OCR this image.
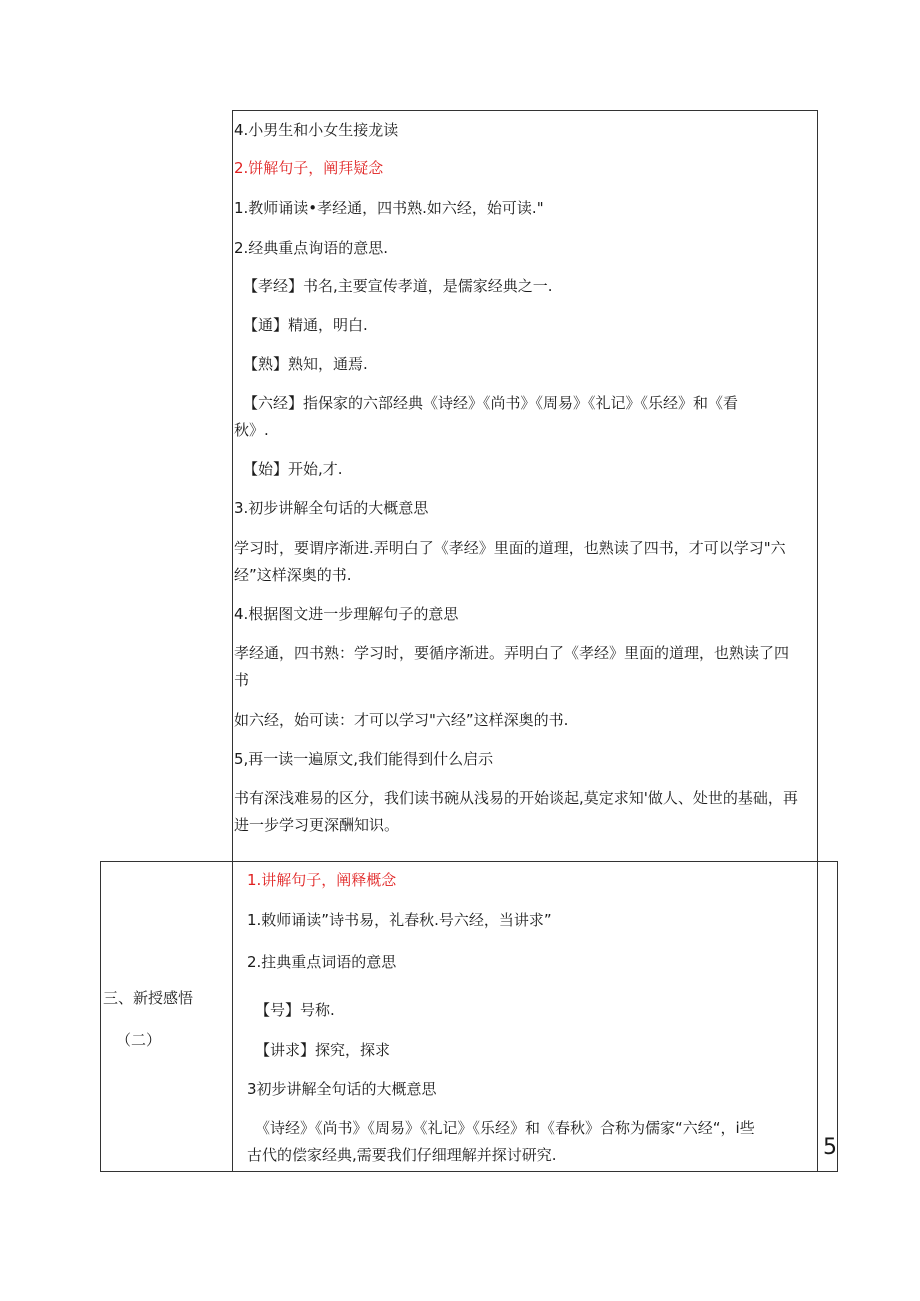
4.小男生和小女生接龙读
2.饼解句子，阐拜疑念
1.教师诵读•孝经通，四书熟.如六经，始可读."
2.经典重点询语的意思.
【孝经】书名,主要宣传孝道，是儒家经典之一.
【通】精通，明白.
【熟】熟知，通焉.
【六经】指保家的六部经典《诗经》《尚书》《周易》《礼记》《乐经》和《看
秋》.
【始】开始,才.
3.初步讲解全句话的大概意思
学习时，要谓序渐进.弄明白了《孝经》里面的道理，也熟读了四书，才可以学习"六
经”这样深奥的书.
4.根据图文进一步理解句子的意思
孝经通，四书熟：学习时，要循序渐进。弄明白了《孝经》里面的道理，也熟读了四
书
如六经，始可读：才可以学习"六经”这样深奥的书.
5,再一读一遍原文,我们能得到什么启示
书有深浅难易的区分，我们读书碗从浅易的开始谈起,莫定求知'做人、处世的基础，再
进一步学习更深酬知识。
三、新授感悟
（二）
1.讲解句子，阐释概念
1.敕师诵读”诗书易，礼春秋.号六经，当讲求”
2.拄典重点词语的意思
【号】号称.
【讲求】探究，探求
3初步讲解全句话的大概意思
《诗经》《尚书》《周易》《礼记》《乐经》和《春秋》合称为儒家“六经“，i些
古代的偿家经典,需要我们仔细理解并探讨研究.	5
